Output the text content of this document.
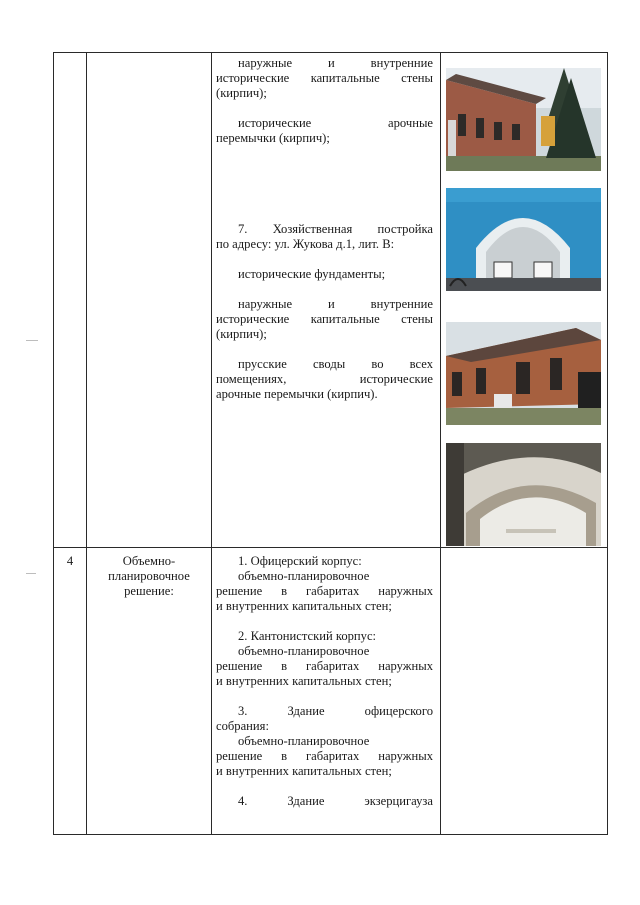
наружные и внутренние
исторические капитальные стены
(кирпич);
исторические арочные
перемычки (кирпич);
7. Хозяйственная постройка
по адресу: ул. Жукова д.1, лит. В:
исторические фундаменты;
наружные и внутренние
исторические капитальные стены
(кирпич);
прусские своды во всех
помещениях, исторические
арочные перемычки (кирпич).
4	Объемно-
планировочное
решение:
1. Офицерский корпус:
объемно-планировочное
решение в габаритах наружных
и внутренних капитальных стен;
2. Кантонистский корпус:
объемно-планировочное
решение в габаритах наружных
и внутренних капитальных стен;
3. Здание офицерского
собрания:
объемно-планировочное
решение в габаритах наружных
и внутренних капитальных стен;
4. Здание экзерцигауза
